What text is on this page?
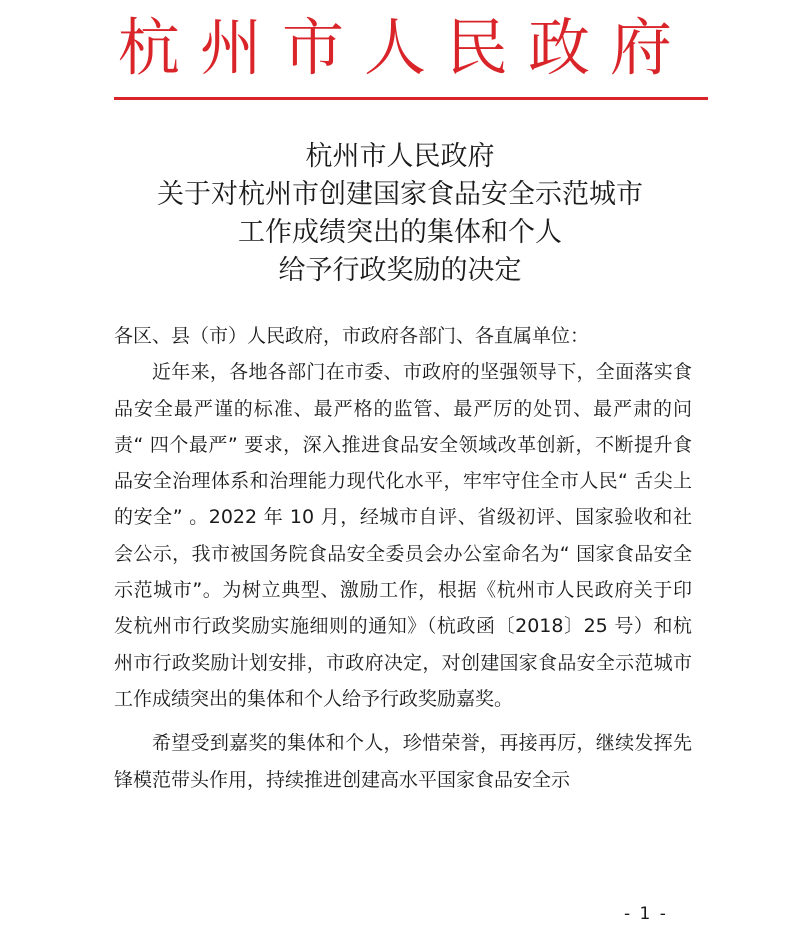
杭州市人民政府
杭州市人民政府
关于对杭州市创建国家食品安全示范城市
工作成绩突出的集体和个人
给予行政奖励的决定

各区、县（市）人民政府，市政府各部门、各直属单位：

近年来，各地各部门在市委、市政府的坚强领导下，全面落实食品安全最严谨的标准、最严格的监管、最严厉的处罚、最严肃的问责“ 四个最严” 要求，深入推进食品安全领域改革创新，不断提升食品安全治理体系和治理能力现代化水平，牢牢守住全市人民“ 舌尖上的安全” 。2022 年 10 月，经城市自评、省级初评、国家验收和社会公示，我市被国务院食品安全委员会办公室命名为“ 国家食品安全示范城市”。为树立典型、激励工作，根据《杭州市人民政府关于印发杭州市行政奖励实施细则的通知》（杭政函〔2018〕25 号）和杭州市行政奖励计划安排，市政府决定，对创建国家食品安全示范城市工作成绩突出的集体和个人给予行政奖励嘉奖。

希望受到嘉奖的集体和个人，珍惜荣誉，再接再厉，继续发挥先锋模范带头作用，持续推进创建高水平国家食品安全示

- 1 -
